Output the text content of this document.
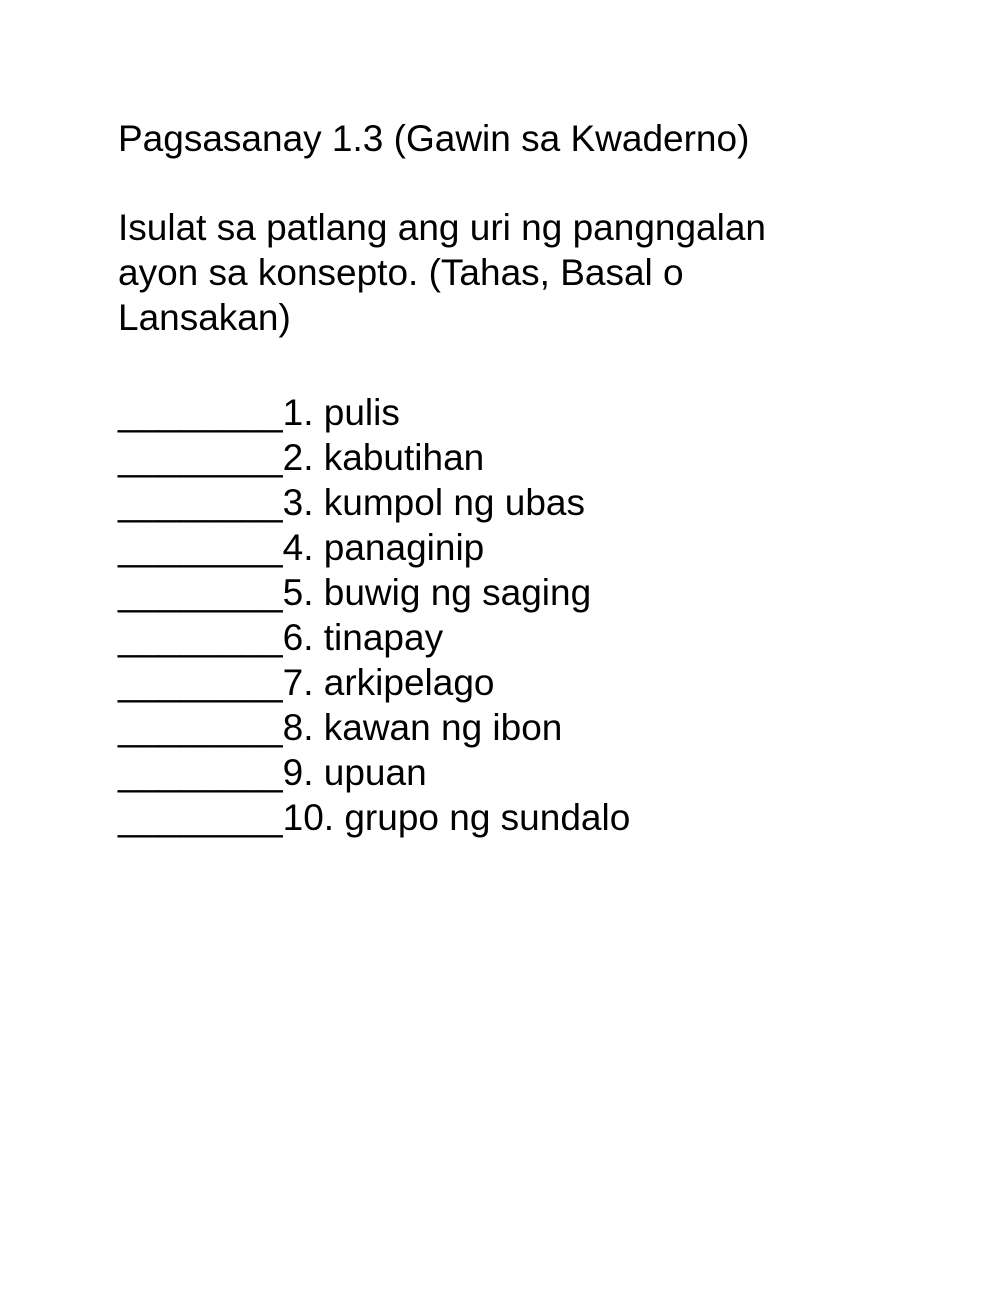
Pagsasanay 1.3 (Gawin sa Kwaderno)
Isulat sa patlang ang uri ng pangngalan
ayon sa konsepto. (Tahas, Basal o
Lansakan)
________1. pulis
________2. kabutihan
________3. kumpol ng ubas
________4. panaginip
________5. buwig ng saging
________6. tinapay
________7. arkipelago
________8. kawan ng ibon
________9. upuan
________10. grupo ng sundalo
